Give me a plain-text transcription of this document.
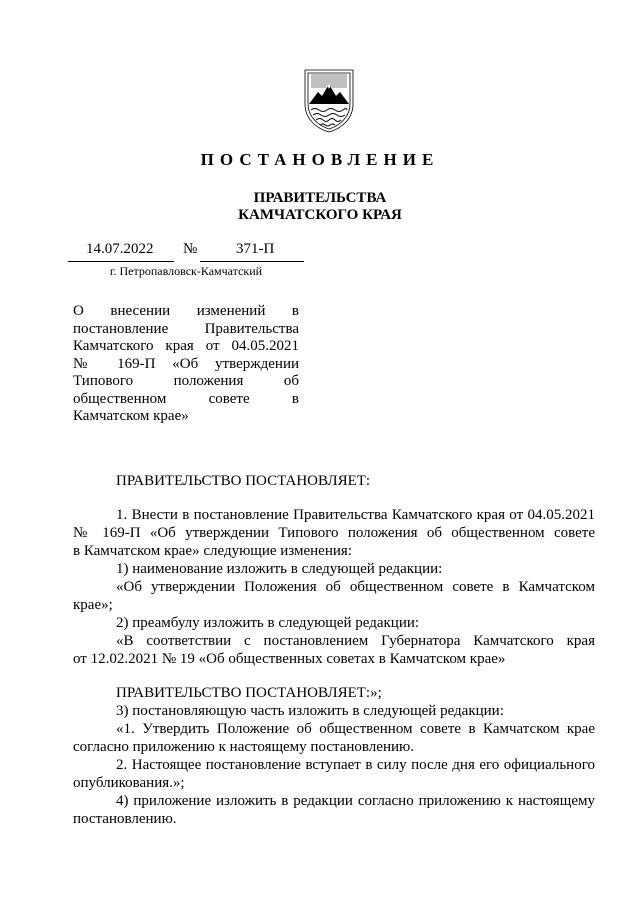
ПОСТАНОВЛЕНИЕ
ПРАВИТЕЛЬСТВА
КАМЧАТСКОГО КРАЯ
14.07.2022	№	371-П
г. Петропавловск-Камчатский
О внесении изменений в
постановление Правительства
Камчатского края от 04.05.2021
№ 169-П «Об утверждении
Типового положения об
общественном совете в
Камчатском крае»
ПРАВИТЕЛЬСТВО ПОСТАНОВЛЯЕТ:
1. Внести в постановление Правительства Камчатского края от 04.05.2021
№ 169-П «Об утверждении Типового положения об общественном совете
в Камчатском крае» следующие изменения:
1) наименование изложить в следующей редакции:
«Об утверждении Положения об общественном совете в Камчатском
крае»;
2) преамбулу изложить в следующей редакции:
«В соответствии с постановлением Губернатора Камчатского края
от 12.02.2021 № 19 «Об общественных советах в Камчатском крае»
ПРАВИТЕЛЬСТВО ПОСТАНОВЛЯЕТ:»;
3) постановляющую часть изложить в следующей редакции:
«1. Утвердить Положение об общественном совете в Камчатском крае
согласно приложению к настоящему постановлению.
2. Настоящее постановление вступает в силу после дня его официального
опубликования.»;
4) приложение изложить в редакции согласно приложению к настоящему
постановлению.
